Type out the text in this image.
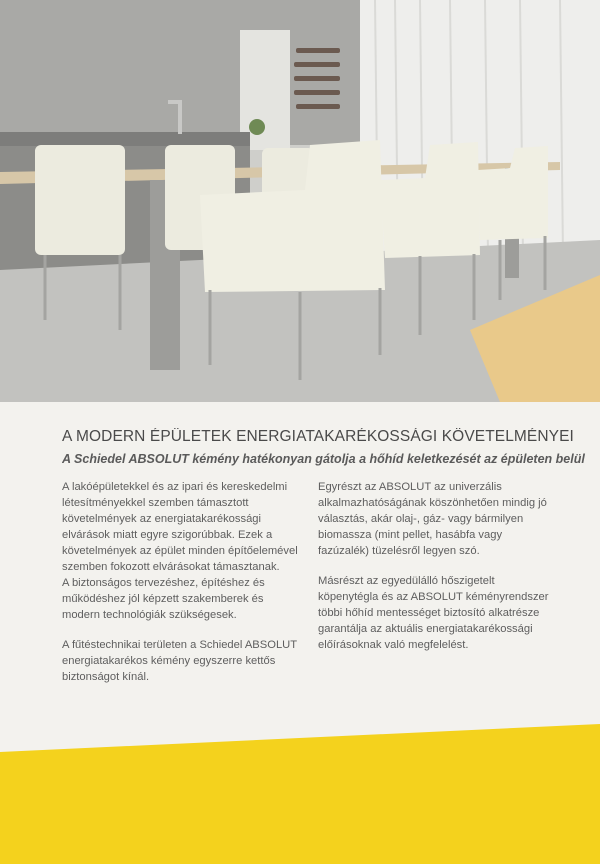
A MODERN ÉPÜLETEK ENERGIATAKARÉKOSSÁGI KÖVETELMÉNYEI
A Schiedel ABSOLUT kémény hatékonyan gátolja a hőhíd keletkezését az épületen belül

A lakóépületekkel és az ipari és kereskedelmi létesítményekkel szemben támasztott követelmények az energiatakarékossági elvárások miatt egyre szigorúbbak. Ezek a követelmények az épület minden építőelemével szemben fokozott elvárásokat támasztanak.

A biztonságos tervezéshez, építéshez és működéshez jól képzett szakemberek és modern technológiák szükségesek.

A fűtéstechnikai területen a Schiedel ABSOLUT energiatakarékos kémény egyszerre kettős biztonságot kínál.

Egyrészt az ABSOLUT az univerzális alkalmazhatóságának köszönhetően mindig jó választás, akár olaj-, gáz- vagy bármilyen biomassza (mint pellet, hasábfa vagy fazúzalék) tüzelésről legyen szó.

Másrészt az egyedülálló hőszigetelt köpenytégla és az ABSOLUT kéményrendszer többi hőhíd mentességet biztosító alkatrésze garantálja az aktuális energiatakarékossági előírásoknak való megfelelést.
